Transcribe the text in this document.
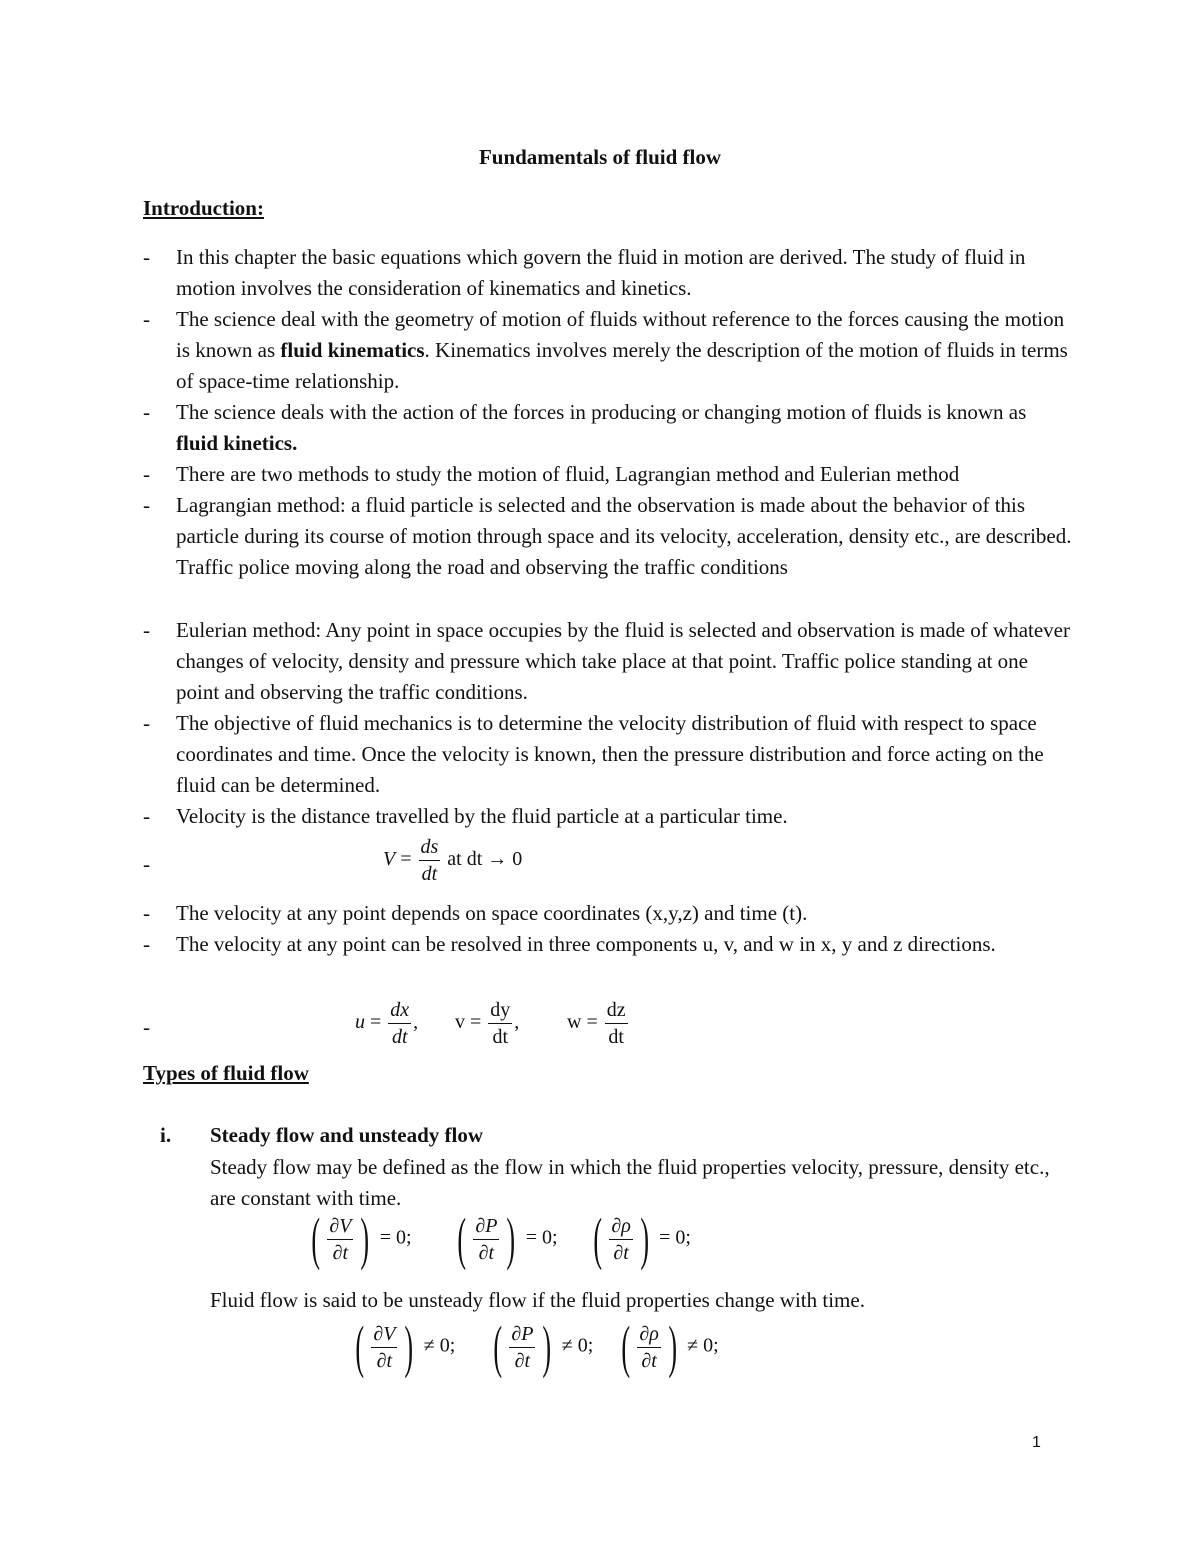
Fundamentals of fluid flow
Introduction:
-	In this chapter the basic equations which govern the fluid in motion are derived. The study of fluid in motion involves the consideration of kinematics and kinetics.
-	The science deal with the geometry of motion of fluids without reference to the forces causing the motion is known as fluid kinematics. Kinematics involves merely the description of the motion of fluids in terms of space-time relationship.
-	The science deals with the action of the forces in producing or changing motion of fluids is known as fluid kinetics.
-	There are two methods to study the motion of fluid, Lagrangian method and Eulerian method
-	Lagrangian method: a fluid particle is selected and the observation is made about the behavior of this particle during its course of motion through space and its velocity, acceleration, density etc., are described. Traffic police moving along the road and observing the traffic conditions
-	Eulerian method: Any point in space occupies by the fluid is selected and observation is made of whatever changes of velocity, density and pressure which take place at that point. Traffic police standing at one point and observing the traffic conditions.
-	The objective of fluid mechanics is to determine the velocity distribution of fluid with respect to space coordinates and time. Once the velocity is known, then the pressure distribution and force acting on the fluid can be determined.
-	Velocity is the distance travelled by the fluid particle at a particular time.
-	$V = \frac{ds}{dt}$ at dt → 0
-	The velocity at any point depends on space coordinates (x,y,z) and time (t).
-	The velocity at any point can be resolved in three components u, v, and w in x, y and z directions.
-	$u = \frac{dx}{dt}$ , $v = \frac{dy}{dt}$ , $w = \frac{dz}{dt}$
Types of fluid flow
i. Steady flow and unsteady flow
Steady flow may be defined as the flow in which the fluid properties velocity, pressure, density etc., are constant with time.
( $\frac{\partial V}{\partial t}$ ) = 0; ( $\frac{\partial P}{\partial t}$ ) = 0; ( $\frac{\partial\rho}{\partial t}$ ) = 0;
Fluid flow is said to be unsteady flow if the fluid properties change with time.
( $\frac{\partial V}{\partial t}$ ) ≠ 0; ( $\frac{\partial P}{\partial t}$ ) ≠ 0; ( $\frac{\partial\rho}{\partial t}$ ) ≠ 0;
1
